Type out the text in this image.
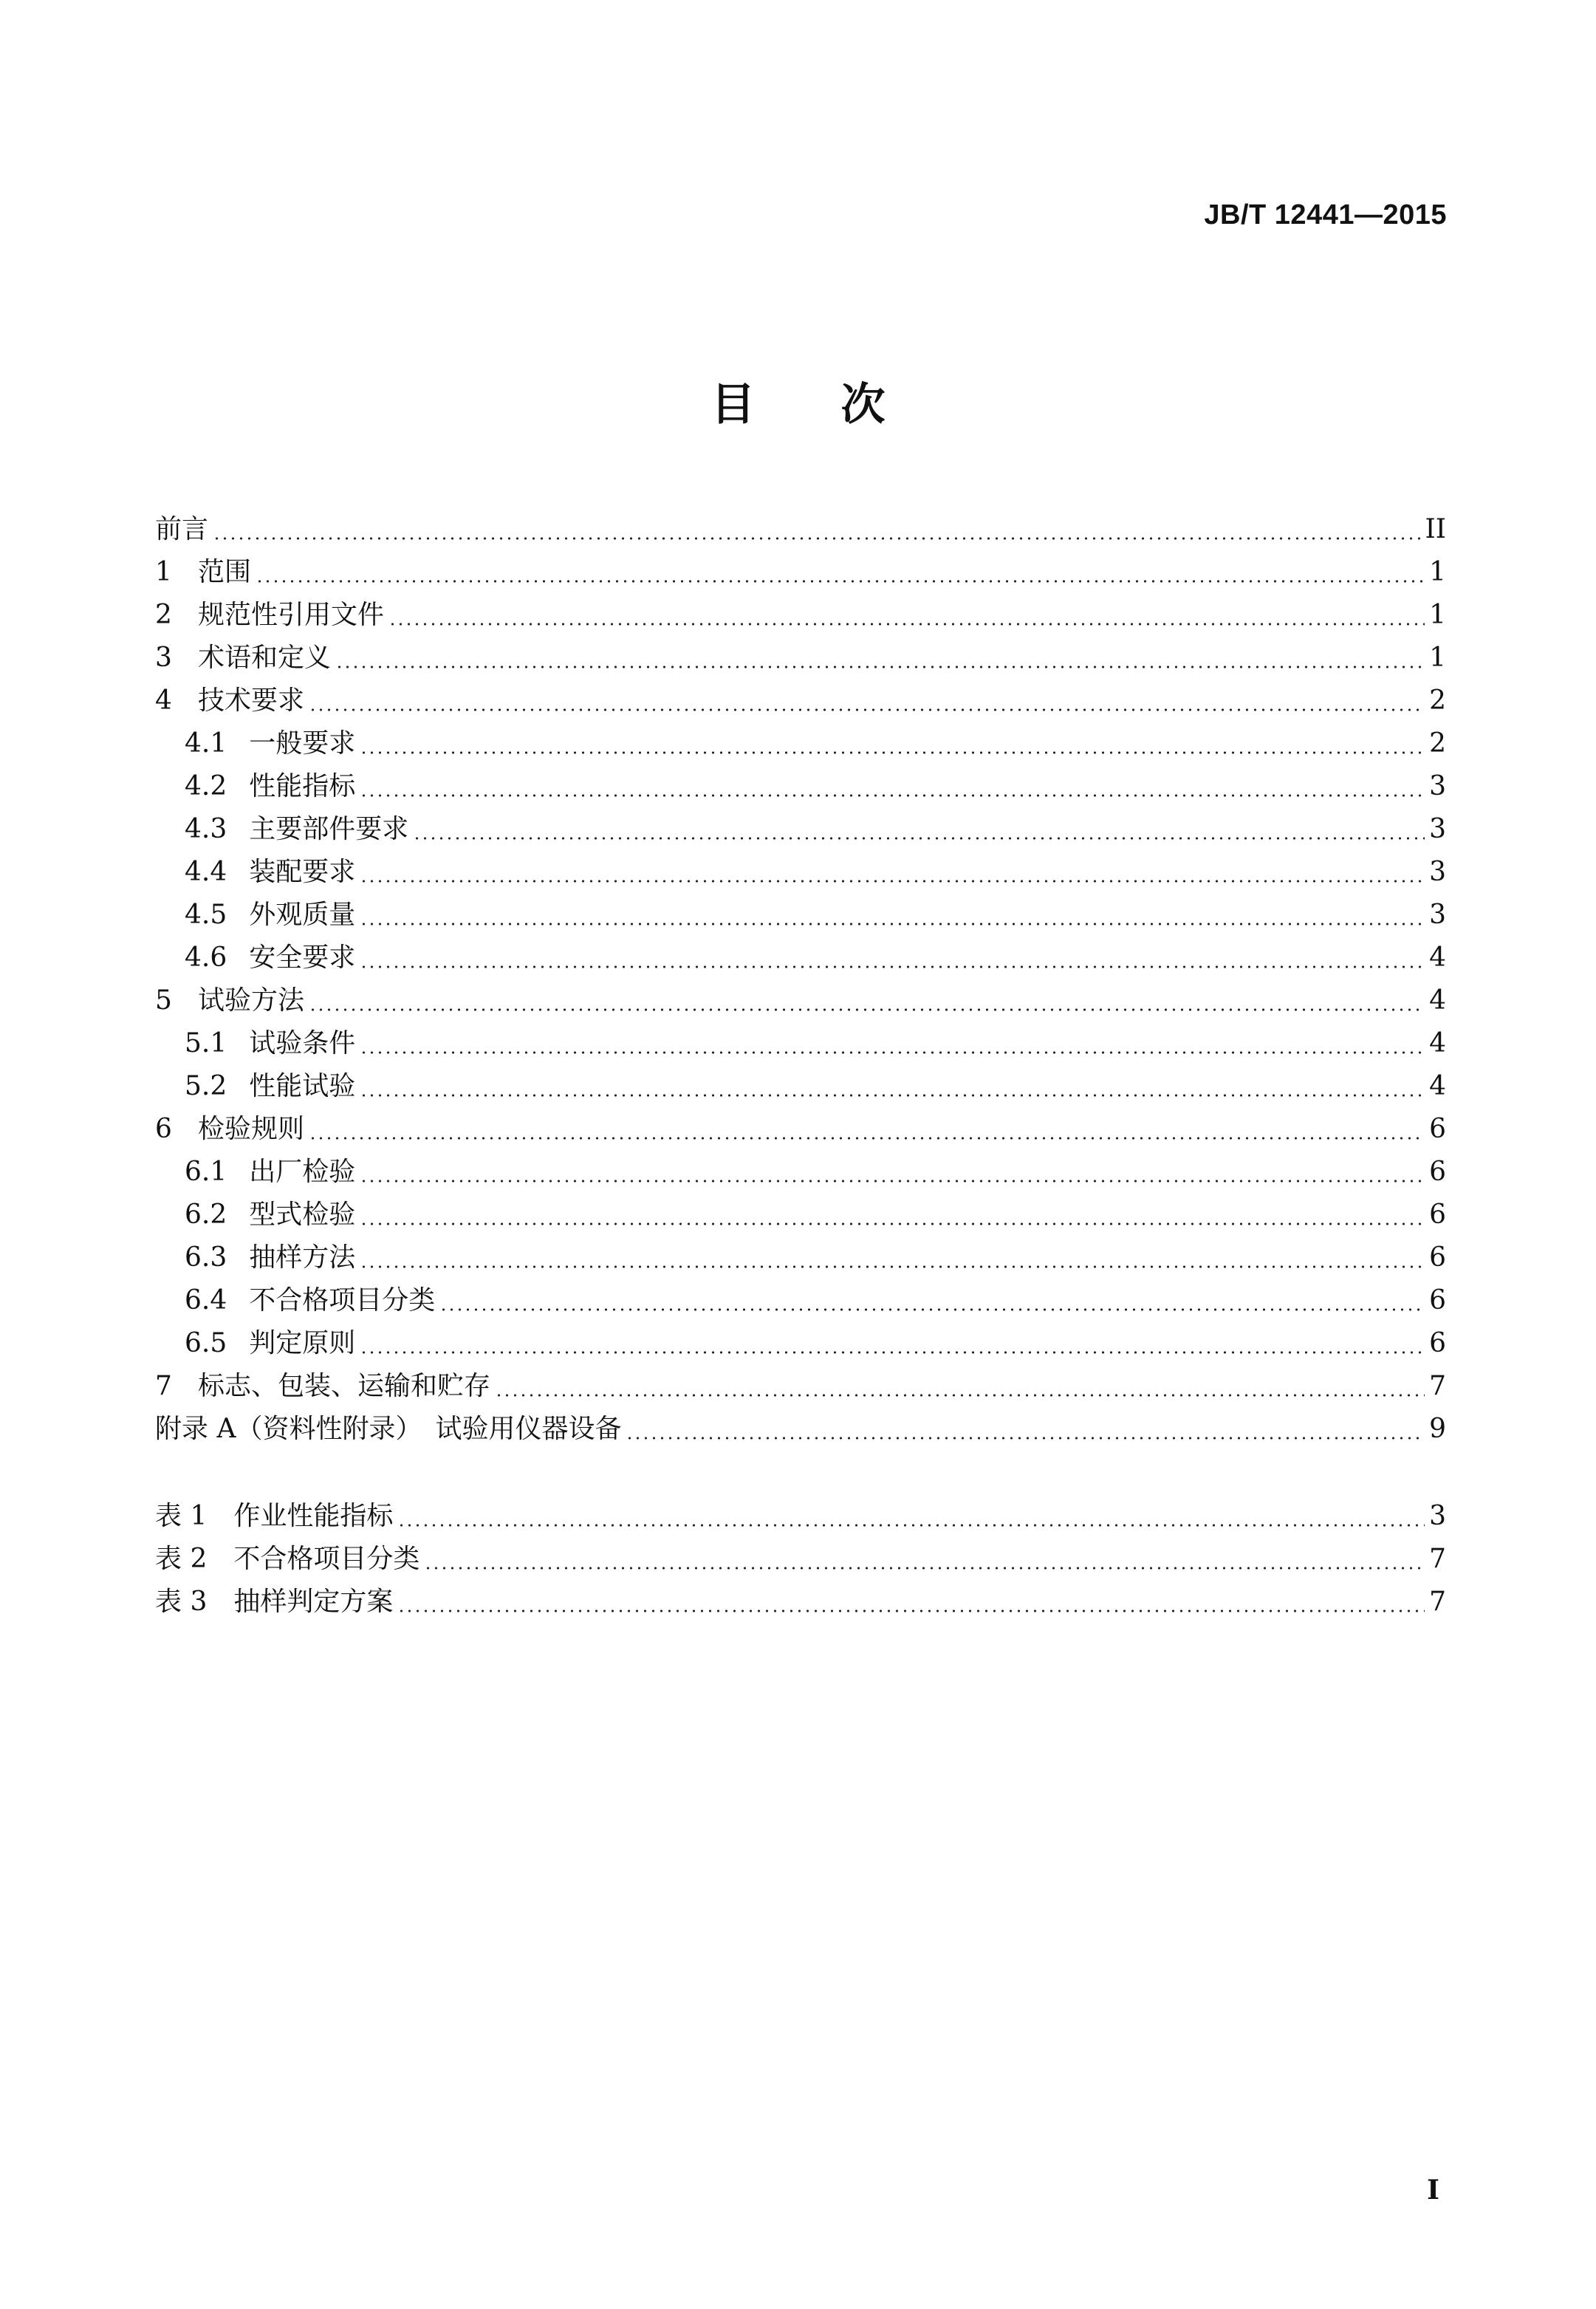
JB/T 12441—2015
目 次
前言	II
1 范围	1
2 规范性引用文件	1
3 术语和定义	1
4 技术要求	2
4.1 一般要求	2
4.2 性能指标	3
4.3 主要部件要求	3
4.4 装配要求	3
4.5 外观质量	3
4.6 安全要求	4
5 试验方法	4
5.1 试验条件	4
5.2 性能试验	4
6 检验规则	6
6.1 出厂检验	6
6.2 型式检验	6
6.3 抽样方法	6
6.4 不合格项目分类	6
6.5 判定原则	6
7 标志、包装、运输和贮存	7
附录 A（资料性附录）　试验用仪器设备	9
表 1 作业性能指标	3
表 2 不合格项目分类	7
表 3 抽样判定方案	7
I
